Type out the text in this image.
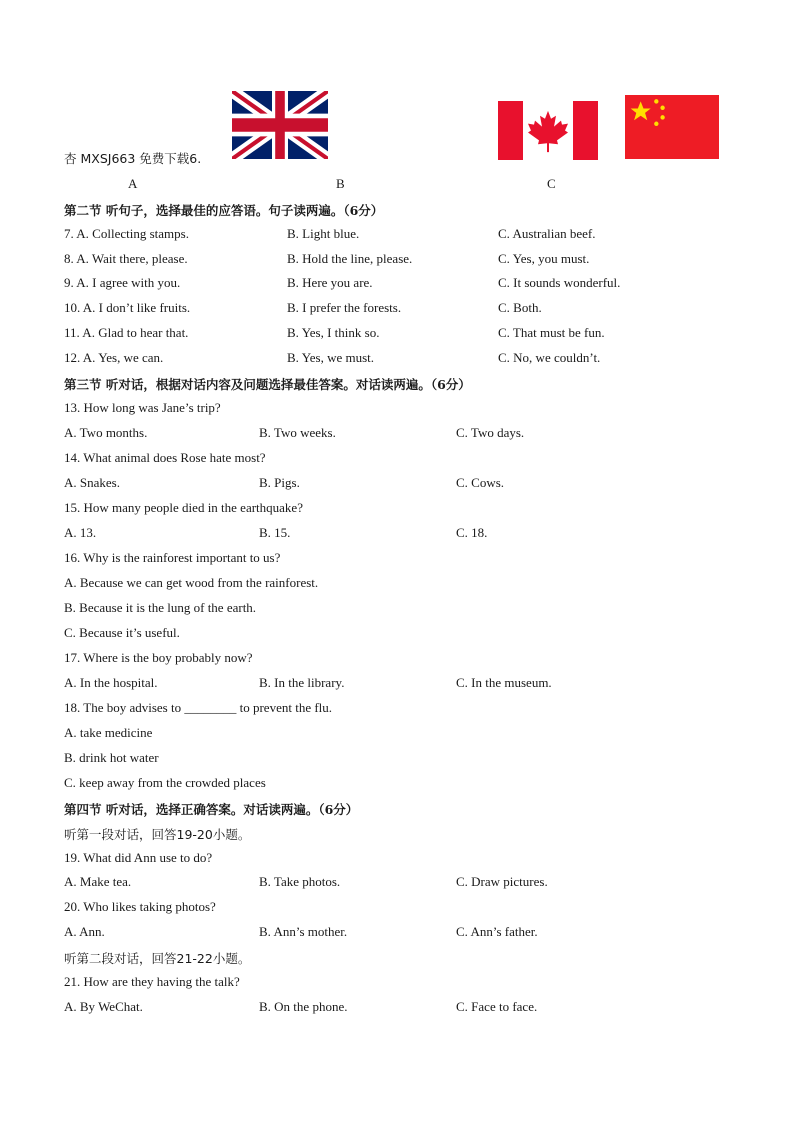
杏 MXSJ663 免费下载6.
A	B	C
第二节 听句子，选择最佳的应答语。句子读两遍。（6分）
7. A. Collecting stamps.	B. Light blue.	C. Australian beef.
8. A. Wait there, please.	B. Hold the line, please.	C. Yes, you must.
9. A. I agree with you.	B. Here you are.	C. It sounds wonderful.
10. A. I don’t like fruits.	B. I prefer the forests.	C. Both.
11. A. Glad to hear that.	B. Yes, I think so.	C. That must be fun.
12. A. Yes, we can.	B. Yes, we must.	C. No, we couldn’t.
第三节 听对话，根据对话内容及问题选择最佳答案。对话读两遍。（6分）
13. How long was Jane’s trip?
A. Two months.	B. Two weeks.	C. Two days.
14. What animal does Rose hate most?
A. Snakes.	B. Pigs.	C. Cows.
15. How many people died in the earthquake?
A. 13.	B. 15.	C. 18.
16. Why is the rainforest important to us?
A. Because we can get wood from the rainforest.
B. Because it is the lung of the earth.
C. Because it’s useful.
17. Where is the boy probably now?
A. In the hospital.	B. In the library.	C. In the museum.
18. The boy advises to ________ to prevent the flu.
A. take medicine
B. drink hot water
C. keep away from the crowded places
第四节 听对话，选择正确答案。对话读两遍。（6分）
听第一段对话，回答19-20小题。
19. What did Ann use to do?
A. Make tea.	B. Take photos.	C. Draw pictures.
20. Who likes taking photos?
A. Ann.	B. Ann’s mother.	C. Ann’s father.
听第二段对话，回答21-22小题。
21. How are they having the talk?
A. By WeChat.	B. On the phone.	C. Face to face.
